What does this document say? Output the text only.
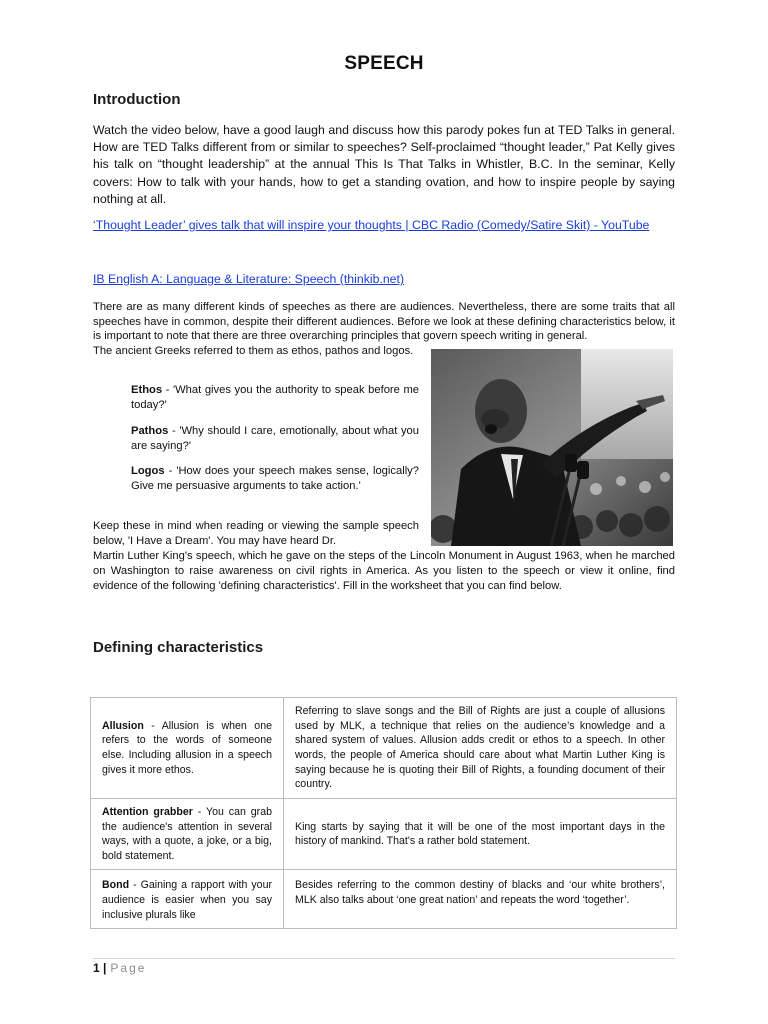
SPEECH
Introduction
Watch the video below, have a good laugh and discuss how this parody pokes fun at TED Talks in general. How are TED Talks different from or similar to speeches? Self-proclaimed “thought leader,” Pat Kelly gives his talk on “thought leadership” at the annual This Is That Talks in Whistler, B.C. In the seminar, Kelly covers: How to talk with your hands, how to get a standing ovation, and how to inspire people by saying nothing at all.
‘Thought Leader’ gives talk that will inspire your thoughts | CBC Radio (Comedy/Satire Skit) - YouTube
IB English A: Language & Literature: Speech (thinkib.net)
There are as many different kinds of speeches as there are audiences. Nevertheless, there are some traits that all speeches have in common, despite their different audiences. Before we look at these defining characteristics below, it is important to note that there are three overarching principles that govern speech writing in general.
The ancient Greeks referred to them as ethos, pathos and logos.
Ethos - 'What gives you the authority to speak before me today?'
Pathos - 'Why should I care, emotionally, about what you are saying?'
Logos - 'How does your speech makes sense, logically? Give me persuasive arguments to take action.'
Keep these in mind when reading or viewing the sample speech below, 'I Have a Dream'. You may have heard Dr.
Martin Luther King's speech, which he gave on the steps of the Lincoln Monument in August 1963, when he marched on Washington to raise awareness on civil rights in America. As you listen to the speech or view it online, find evidence of the following 'defining characteristics'. Fill in the worksheet that you can find below.
Defining characteristics
Allusion - Allusion is when one refers to the words of someone else. Including allusion in a speech gives it more ethos.	Referring to slave songs and the Bill of Rights are just a couple of allusions used by MLK, a technique that relies on the audience’s knowledge and a shared system of values. Allusion adds credit or ethos to a speech. In other words, the people of America should care about what Martin Luther King is saying because he is quoting their Bill of Rights, a founding document of their country.
Attention grabber - You can grab the audience's attention in several ways, with a quote, a joke, or a big, bold statement.	King starts by saying that it will be one of the most important days in the history of mankind. That's a rather bold statement.
Bond - Gaining a rapport with your audience is easier when you say inclusive plurals like	Besides referring to the common destiny of blacks and ‘our white brothers’, MLK also talks about ‘one great nation’ and repeats the word ‘together’.
1 | Page
